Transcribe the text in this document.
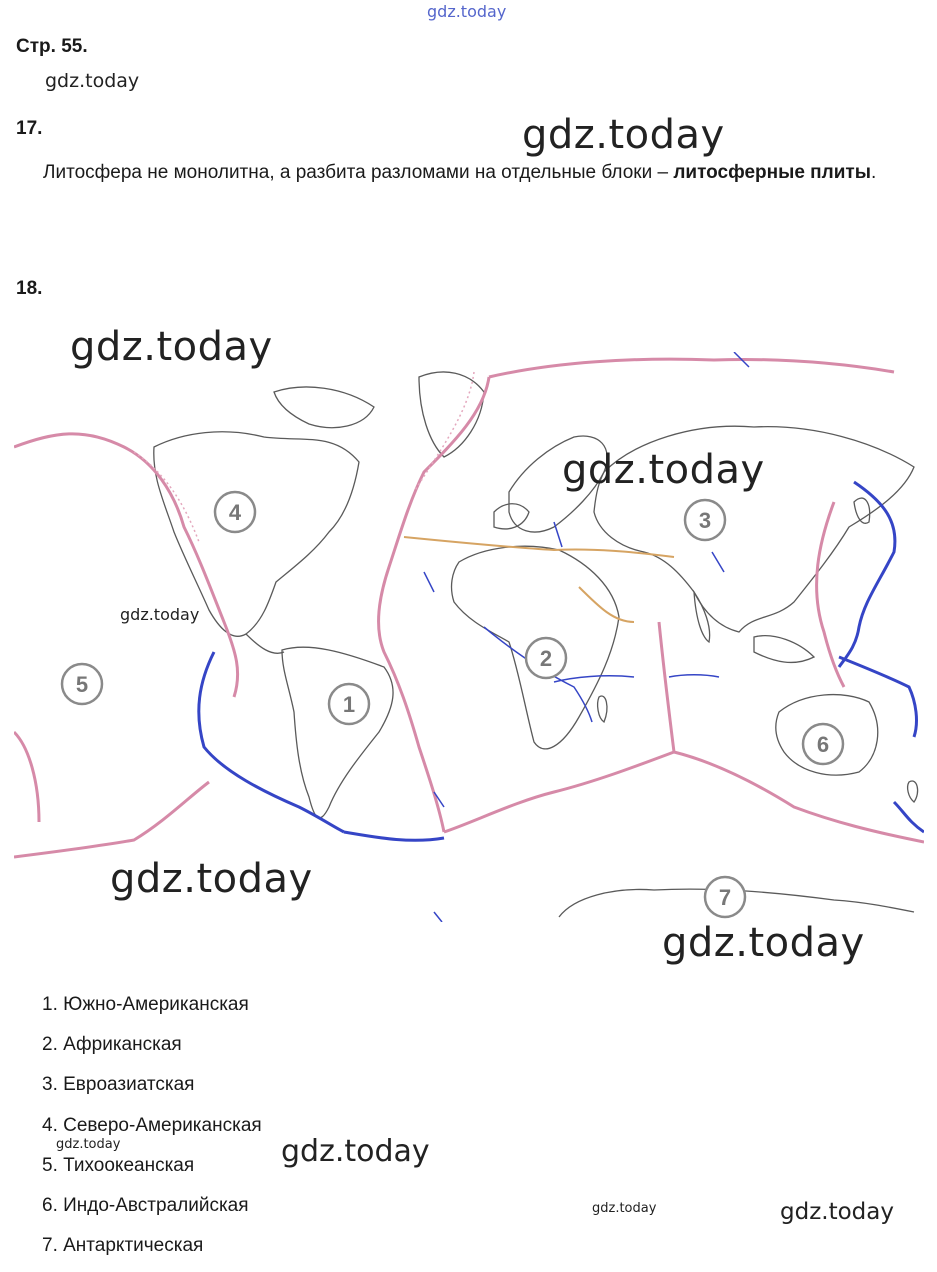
gdz.today
Стр. 55.
gdz.today
17.	gdz.today
Литосфера не монолитна, а разбита разломами на отдельные блоки – литосферные плиты.
18.
1
2
3
4
5
6
7
gdz.today
gdz.today
gdz.today
gdz.today
gdz.today
1. Южно-Американская
2. Африканская
3. Евроазиатская
4. Северо-Американская
5. Тихоокеанская
6. Индо-Австралийская
7. Антарктическая
gdz.today	gdz.today
gdz.today	gdz.today
